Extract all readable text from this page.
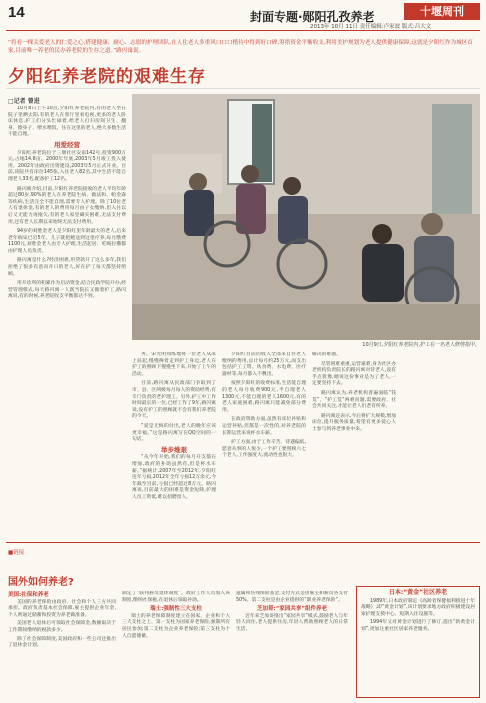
14	封面专题·郧阳孔孜养老	十堰周刊
2013年 10月 11日 责任编辑:卢家波 版式:吕大文
“将看一棵关爱老人的仁爱之心,搭建健康、耐心、志愿的护理团队,在人住老人多重风口口口楷待中得到好口碑,筹措资金平衡收支,利用美护规划为老人提供健康保障,这就是夕阳红作为城区首家,目前唯一养老的民办养老院的生存之道。”路闪寓说。
夕阳红养老院的艰难生存
□记者 曾进

10月8日上午10点,夕阳红养老院内,有的老人坐在院子里晒太阳,有的老人在客厅里看电视,更多的老人卧床休息,护工们分头忙碌着,给老人打扫房间卫生、翻身、擦身子、喂水喂饭。住在这里的老人,绝大多数生活不能自理。

用爱经营

夕阳红养老院位于三堰社区安南142号,投资900万元,占地14.8亩。2000年年底,2003年5月竣工投入使用。2002年由政府出资建设,2003年5月正式开业。目前,该院共有床位145张,入住老人82名,其中生活不能自理老人33名,配备护工12名。

路闪寓介绍,目前,夕阳红养老院接收的老人平均年龄超过80岁,90%的老人在养老院生病、做法和、帕金森等疾病,生活完全不能自理,需要专人护理。除了10位老人有退休金,有的老人的费用每月由子女缴纳,但入住以后又无能力再拖欠,有的老人家里确实困难,无法支付费用,还有老人长期以来始终无法支付费用。

94岁的刘胜金老人是夕阳红里年龄最大的老人,后来老年痴呆已近5年。儿子就把她送到这里疗养,每月缴费1100元,刘胜金老人由专人护理,生活起居、吃喝拉撒都由护理人员负责。

路闪寓是什么?经济困难,用贷款开了这么多年,我们拒绝了很多有意向开口的老人,好在护工每天都坚持照顾。

用开诊所的积累作为启动资金,结合民政学院开办,经营管理模式,每天路闪寓一人既当院长又做着护工,路闪寓说,有的时候,养老院收支平衡都达不到。

10月9日,夕阳红养老院内,护工在一名老人修剪指甲。

务。”宋光明熟练地将一位老人从床上扶起,慢慢搀着走到护工身边,老人在护工的照顾下慢慢坐下来,开始了上午的活动。

目前,路闪寓从民政部门争取到了市、县、区两级每月每人的资助经费,有专门负责的老护理工。另外,护工中工作时间最长的一位,已经工作了9年,路闪寓说,没有护工的照顾就不会有我们养老院的今天。

“爱是无悔的付出,老人的晚年应该更幸福。”这是路闪寓写在QQ空间的一句话。

举步维艰

“从今年开始,我们的每月开支都在增加,政府的补助虽然有,但是杯水车薪。”据统计,2007年至2012年,夕阳红连年亏损,2012年全年亏损12万余元,今年截至目前,亏损已经超过8万元。路闪寓说,目前最大的困难是资金短缺,护理人员工资低,难以招聘留人。

夕阳红目前的收入全部来自住老人缴纳的费用,总计每月约25万元,而支出包括护工工资、伙食费、水电费、医疗器材等,每月都入不敷出。

按照夕阳红的收费标准,生活能自理的老人每月收费900元,半自理老人1300元,不能自理的老人1600元,有的老人家庭困难,路闪寓只能减免部分费用。

在政府资助方面,虽然有床位补贴和运营补贴,但都是一次性的,对养老院的长期运营来说杯水车薪。

护工方面,由于工作辛苦、待遇偏低,愿意从事的人很少,一个护工要照顾六七个老人,工作强度大,流动性也很大。

解决的难题。

尽管困难重重,运营艰难,身为社区办老机构负责院长的路闪寓对待老人,没有半点犹豫,她说这份事业是为了老人,一定要坚持下去。

路闪寓认为,养老机构普遍面临“钱荒”、“护工荒”两难问题,需要政府、社会共同关注,才能让老人们老有所养。

路闪寓还表示,今后将扩大规模,增加床位,提升服务质量,希望有更多爱心人士参与到养老事业中来。

■链接
国外如何养老?
美国:社保和养老

美国的养老保险由政府、社会和个人三方共同承担。政府负责基本社会保障,雇主提供企业年金,个人则通过储蓄和投资为养老做准备。

美国老人退休后可领取社会保障金,数额取决于工作期间缴纳的税款多少。

除了社会保障制度,美国政府和一些公司还推出了退休金计划。

制定了“联邦雇员退休制度”。政府工作人员加入该制度,缴纳社保税,在退休后领取补助。

瑞士:强制性三大支柱

瑞士的养老保障制度建立在国家、企业和个人三大支柱之上。第一支柱为国家养老保险,强制所有居民参加;第二支柱为企业养老保险;第三支柱为个人自愿储蓄。

遗属和伤残保险基金,支付方式是由雇主和雇员各支付50%。第二支柱是由企业提供的“职业养老保险”。

芝加哥:“家园共享”组件养老

近年来芝加哥推出“家园共享”模式,鼓励老人与年轻人同住,老人提供住房,年轻人帮助照顾老人的日常生活。

日本:“黄金”社区养老

1989年,日本政府制定《高龄者保健福利推进十年战略》,即“黄金计划”,该计划要求地方政府积极建设居家护理支援中心、短期入住设施等。

1994年又对黄金计划进行了修订,提出“新黄金计划”,更加注重社区居家养老服务。
